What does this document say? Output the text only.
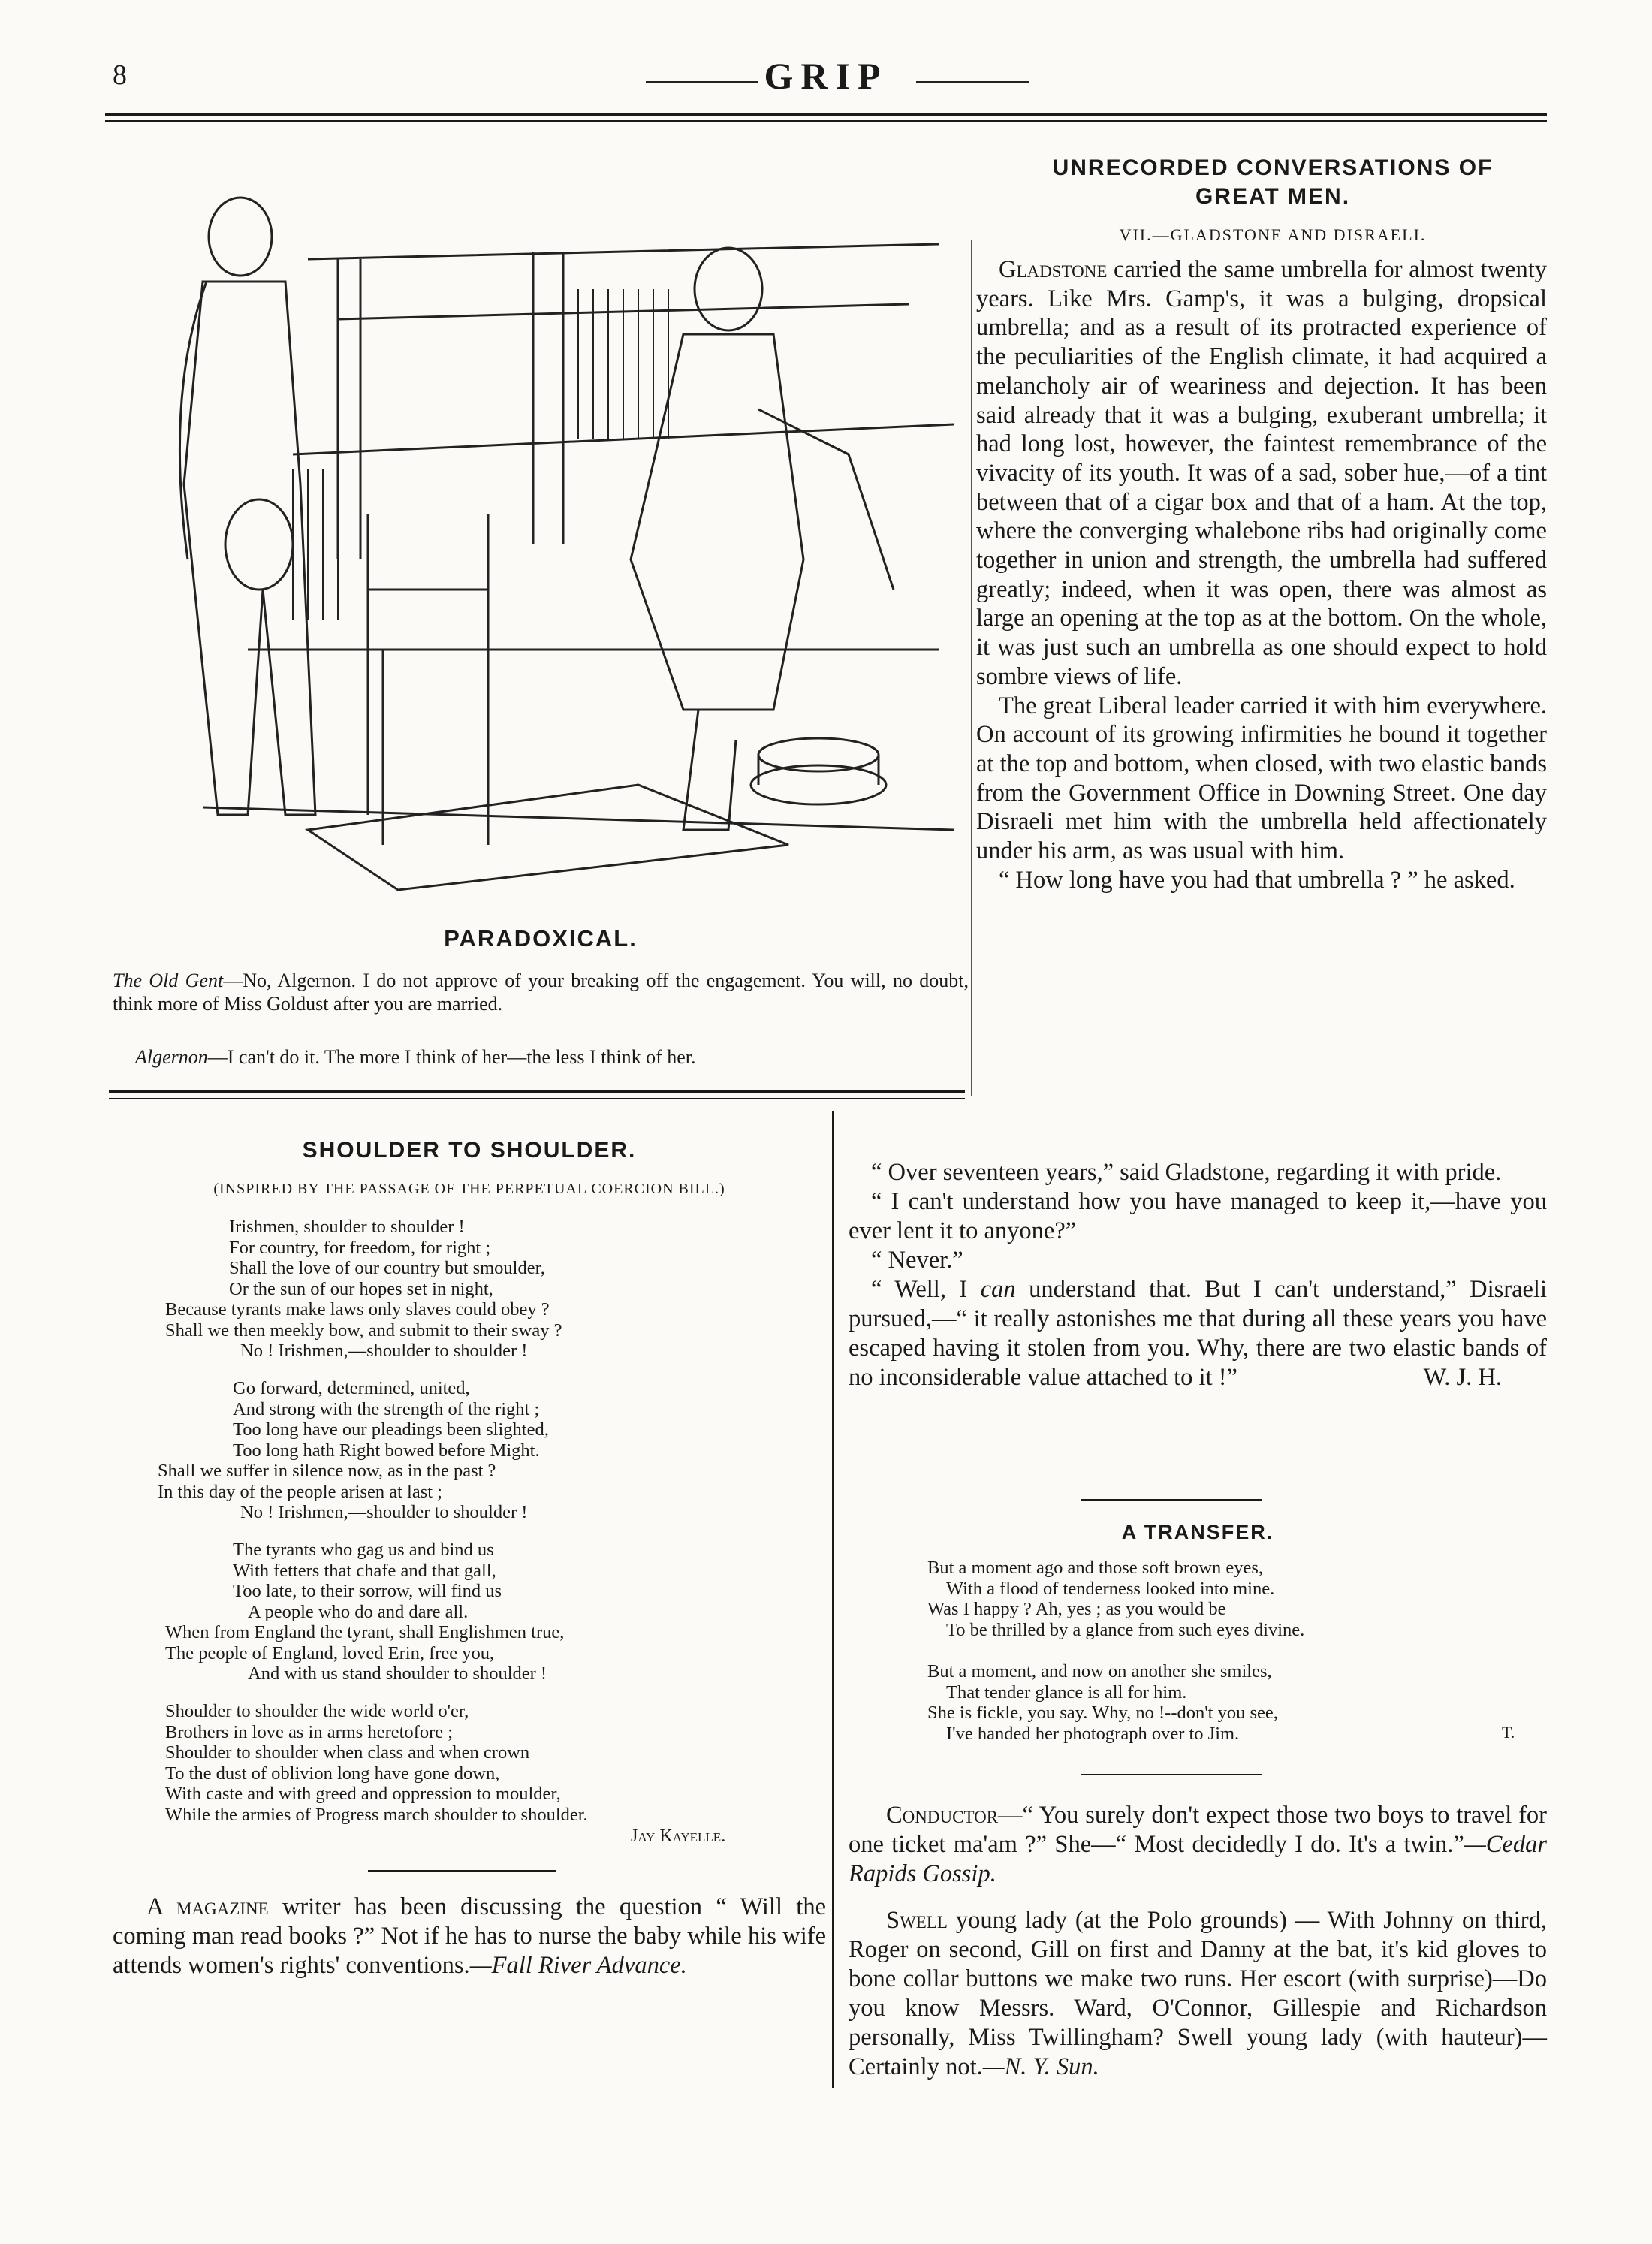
8	GRIP
PARADOXICAL.
The Old Gent—No, Algernon. I do not approve of your breaking off the engagement. You will, no doubt, think more of Miss Goldust after you are married.
Algernon—I can't do it. The more I think of her—the less I think of her.
UNRECORDED CONVERSATIONS OF
GREAT MEN.
VII.—GLADSTONE AND DISRAELI.

Gladstone carried the same umbrella for almost twenty years. Like Mrs. Gamp's, it was a bulging, dropsical umbrella; and as a result of its protracted experience of the peculiarities of the English climate, it had acquired a melancholy air of weariness and dejection. It has been said already that it was a bulging, exuberant umbrella; it had long lost, however, the faintest remembrance of the vivacity of its youth. It was of a sad, sober hue,—of a tint between that of a cigar box and that of a ham. At the top, where the converging whalebone ribs had originally come together in union and strength, the umbrella had suffered greatly; indeed, when it was open, there was almost as large an opening at the top as at the bottom. On the whole, it was just such an umbrella as one should expect to hold sombre views of life.

The great Liberal leader carried it with him everywhere. On account of its growing infirmities he bound it together at the top and bottom, when closed, with two elastic bands from the Government Office in Downing Street. One day Disraeli met him with the umbrella held affectionately under his arm, as was usual with him.

“ How long have you had that umbrella ? ” he asked.

“ Over seventeen years,” said Gladstone, regarding it with pride.

“ I can't understand how you have managed to keep it,—have you ever lent it to anyone?”

“ Never.”

“ Well, I can understand that. But I can't understand,” Disraeli pursued,—“ it really astonishes me that during all these years you have escaped having it stolen from you. Why, there are two elastic bands of no inconsiderable value attached to it !”	W. J. H.
A TRANSFER.
But a moment ago and those soft brown eyes,
With a flood of tenderness looked into mine.
Was I happy ? Ah, yes ; as you would be
To be thrilled by a glance from such eyes divine.
But a moment, and now on another she smiles,
That tender glance is all for him.
She is fickle, you say. Why, no !--don't you see,
I've handed her photograph over to Jim.	T.

Conductor—“ You surely don't expect those two boys to travel for one ticket ma'am ?” She—“ Most decidedly I do. It's a twin.”—Cedar Rapids Gossip.

Swell young lady (at the Polo grounds) — With Johnny on third, Roger on second, Gill on first and Danny at the bat, it's kid gloves to bone collar buttons we make two runs. Her escort (with surprise)—Do you know Messrs. Ward, O'Connor, Gillespie and Richardson personally, Miss Twillingham? Swell young lady (with hauteur)—Certainly not.—N. Y. Sun.

SHOULDER TO SHOULDER.
(INSPIRED BY THE PASSAGE OF THE PERPETUAL COERCION BILL.)
Irishmen, shoulder to shoulder !
For country, for freedom, for right ;
Shall the love of our country but smoulder,
Or the sun of our hopes set in night,
Because tyrants make laws only slaves could obey ?
Shall we then meekly bow, and submit to their sway ?
No ! Irishmen,—shoulder to shoulder !
Go forward, determined, united,
And strong with the strength of the right ;
Too long have our pleadings been slighted,
Too long hath Right bowed before Might.
Shall we suffer in silence now, as in the past ?
In this day of the people arisen at last ;
No ! Irishmen,—shoulder to shoulder !
The tyrants who gag us and bind us
With fetters that chafe and that gall,
Too late, to their sorrow, will find us
A people who do and dare all.
When from England the tyrant, shall Englishmen true,
The people of England, loved Erin, free you,
And with us stand shoulder to shoulder !
Shoulder to shoulder the wide world o'er,
Brothers in love as in arms heretofore ;
Shoulder to shoulder when class and when crown
To the dust of oblivion long have gone down,
With caste and with greed and oppression to moulder,
While the armies of Progress march shoulder to shoulder.
Jay Kayelle.

A magazine writer has been discussing the question “ Will the coming man read books ?” Not if he has to nurse the baby while his wife attends women's rights' conventions.—Fall River Advance.
